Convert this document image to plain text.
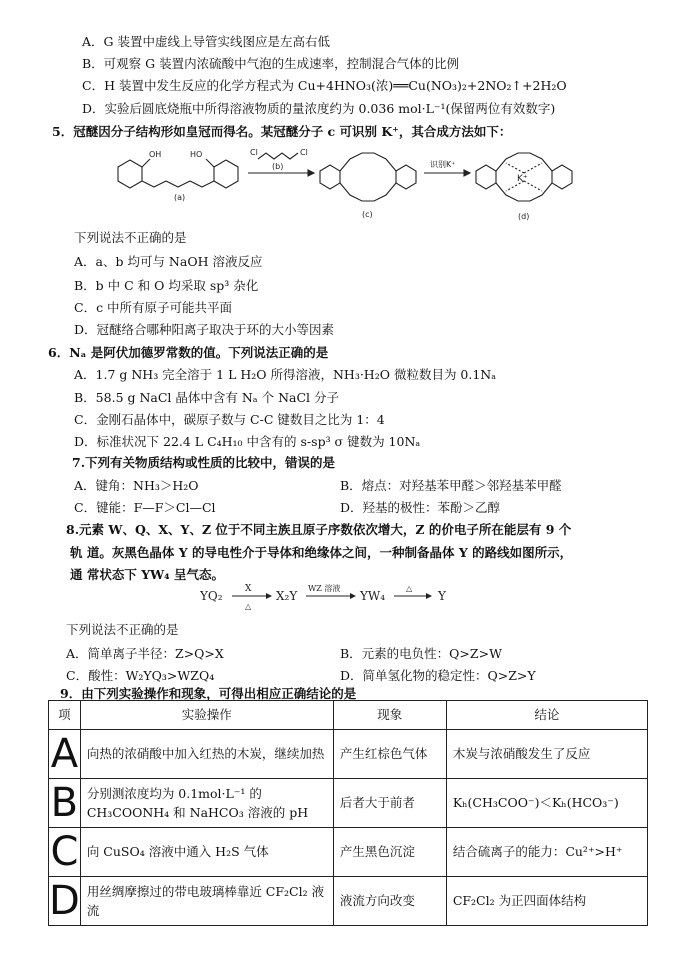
A．G 装置中虚线上导管实线图应是左高右低
B．可观察 G 装置内浓硫酸中气泡的生成速率，控制混合气体的比例
C．H 装置中发生反应的化学方程式为 Cu+4HNO₃(浓)══Cu(NO₃)₂+2NO₂↑+2H₂O
D．实验后圆底烧瓶中所得溶液物质的量浓度约为 0.036 mol·L⁻¹(保留两位有效数字)
5．冠醚因分子结构形如皇冠而得名。某冠醚分子 c 可识别 K⁺，其合成方法如下：
OH	HO
(a)
Cl	Cl
(b)
(c)
识别K⁺
K⁺
(d)
下列说法不正确的是
A．a、b 均可与 NaOH 溶液反应
B．b 中 C 和 O 均采取 sp³ 杂化
C．c 中所有原子可能共平面
D．冠醚络合哪种阳离子取决于环的大小等因素
6．Nₐ 是阿伏加德罗常数的值。下列说法正确的是
A．1.7 g NH₃ 完全溶于 1 L H₂O 所得溶液，NH₃·H₂O 微粒数目为 0.1Nₐ
B．58.5 g NaCl 晶体中含有 Nₐ 个 NaCl 分子
C．金刚石晶体中，碳原子数与 C-C 键数目之比为 1：4
D．标准状况下 22.4 L C₄H₁₀ 中含有的 s-sp³ σ 键数为 10Nₐ
7.下列有关物质结构或性质的比较中，错误的是
A．键角：NH₃＞H₂O	B．熔点：对羟基苯甲醛＞邻羟基苯甲醛
C．键能：F—F＞Cl—Cl	D．羟基的极性：苯酚＞乙醇
8.元素 W、Q、X、Y、Z 位于不同主族且原子序数依次增大，Z 的价电子所在能层有 9 个
轨 道。灰黑色晶体 Y 的导电性介于导体和绝缘体之间，一种制备晶体 Y 的路线如图所示，
通 常状态下 YW₄ 呈气态。
YQ₂ X
△
X₂Y
WZ 溶液
YW₄
△
Y
下列说法不正确的是
A．简单离子半径：Z>Q>X	B．元素的电负性：Q>Z>W
C．酸性：W₂YQ₃>WZQ₄	D．简单氢化物的稳定性：Q>Z>Y
9．由下列实验操作和现象，可得出相应正确结论的是
项	实验操作	现象	结论
A	向热的浓硝酸中加入红热的木炭，继续加热	产生红棕色气体	木炭与浓硝酸发生了反应
B	分别测浓度均为 0.1mol·L⁻¹ 的 CH₃COONH₄ 和 NaHCO₃ 溶液的 pH	后者大于前者	Kₕ(CH₃COO⁻)＜Kₕ(HCO₃⁻)
C	向 CuSO₄ 溶液中通入 H₂S 气体	产生黑色沉淀	结合硫离子的能力：Cu²⁺>H⁺
D	用丝绸摩擦过的带电玻璃棒靠近 CF₂Cl₂ 液流	液流方向改变	CF₂Cl₂ 为正四面体结构
